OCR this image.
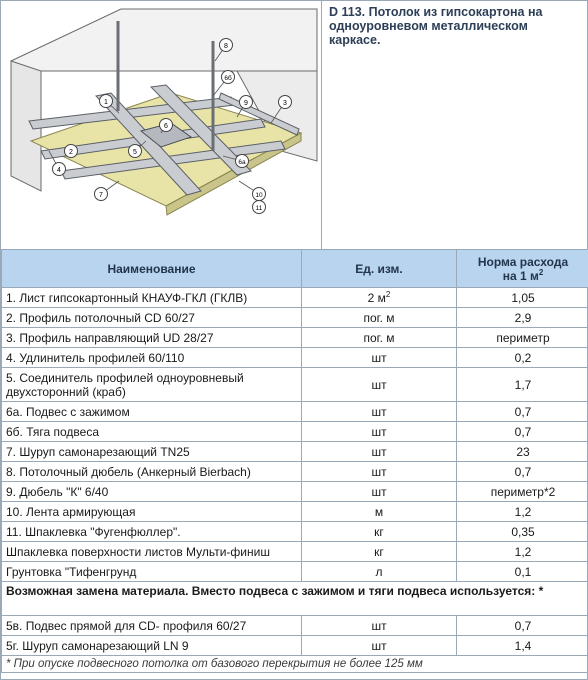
8
6б
9	3
1
6
5
6а
2
4
7	10
11
D 113. Потолок из гипсокартона на одноуровневом металлическом каркасе.
Наименование	Ед. изм.	Норма расхода
на 1 $м^2$
1. Лист гипсокартонный КНАУФ-ГКЛ (ГКЛВ)	2 $м^2$	1,05
2. Профиль потолочный CD 60/27	пог. м	2,9
3. Профиль направляющий UD 28/27	пог. м	периметр
4. Удлинитель профилей 60/110	шт	0,2
5. Соединитель профилей одноуровневый двухсторонний (краб)	шт	1,7
6а. Подвес с зажимом	шт	0,7
6б. Тяга подвеса	шт	0,7
7. Шуруп самонарезающий TN25	шт	23
8. Потолочный дюбель (Анкерный Bierbach)	шт	0,7
9. Дюбель "К" 6/40	шт	периметр*2
10. Лента армирующая	м	1,2
11. Шпаклевка "Фугенфюллер".	кг	0,35
Шпаклевка поверхности листов Мульти-финиш	кг	1,2
Грунтовка "Тифенгрунд	л	0,1
Возможная замена материала. Вместо подвеса с зажимом и тяги подвеса используется: *		
5в. Подвес прямой для CD- профиля 60/27	шт	0,7
5г. Шуруп самонарезающий LN 9	шт	1,4
* При опуске подвесного потолка от базового перекрытия не более 125 мм		
